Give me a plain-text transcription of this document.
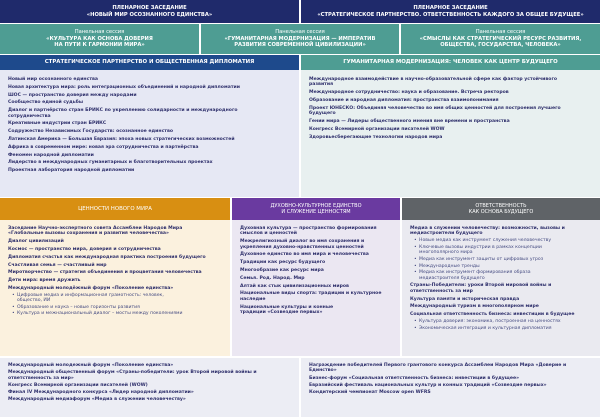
ПЛЕНАРНОЕ ЗАСЕДАНИЕ
«НОВЫЙ МИР ОСОЗНАННОГО ЕДИНСТВА»
ПЛЕНАРНОЕ ЗАСЕДАНИЕ
«СТРАТЕГИЧЕСКОЕ ПАРТНЕРСТВО. ОТВЕТСТВЕННОСТЬ КАЖДОГО ЗА ОБЩЕЕ БУДУЩЕЕ»
Панельная сессия
«КУЛЬТУРА КАК ОСНОВА ДОВЕРИЯ
НА ПУТИ К ГАРМОНИИ МИРА»
Панельная сессия
«ГУМАНИТАРНАЯ МОДЕРНИЗАЦИЯ — ИМПЕРАТИВ
РАЗВИТИЯ СОВРЕМЕННОЙ ЦИВИЛИЗАЦИИ»
Панельная сессия
«СМЫСЛЫ КАК СТРАТЕГИЧЕСКИЙ РЕСУРС РАЗВИТИЯ,
ОБЩЕСТВА, ГОСУДАРСТВА, ЧЕЛОВЕКА»
СТРАТЕГИЧЕСКОЕ ПАРТНЕРСТВО И ОБЩЕСТВЕННАЯ ДИПЛОМАТИЯ	ГУМАНИТАРНАЯ МОДЕРНИЗАЦИЯ: ЧЕЛОВЕК КАК ЦЕНТР БУДУЩЕГО
Новый мир осознанного единства
Новая архитектура мира: роль интеграционных объединений и народной дипломатии
ШОС — пространство доверия между народами
Сообщество единой судьбы
Диалог и партнёрство стран БРИКС по укреплению солидарности и международного сотрудничества
Креативные индустрии стран БРИКС
Содружество Независимых Государств: осознанное единство
Латинская Америка — Большая Евразия: эпоха новых стратегических возможностей
Африка в современном мире: новая эра сотрудничества и партнёрства
Феномен народной дипломатии
Лидерство в международных гуманитарных и благотворительных проектах
Проектная лаборатория народной дипломатии
Международное взаимодействие в научно-образовательной сфере как фактор устойчивого развития
Международное сотрудничество: наука и образование. Встреча ректоров
Образование и народная дипломатия: пространства взаимопонимания
Проект ЮНЕСКО: Объединяя человечество во имя общих ценностей для построения лучшего будущего
Гении мира — Лидеры общественного мнения вне времени и пространства
Конгресс Всемирной организации писателей WOW
Здоровьесберегающие технологии народов мира
ЦЕННОСТИ НОВОГО МИРА	ДУХОВНО-КУЛЬТУРНОЕ ЕДИНСТВО
И СЛУЖЕНИЕ ЦЕННОСТЯМ
ОТВЕТСТВЕННОСТЬ
КАК ОСНОВА БУДУЩЕГО
Заседание Научно-экспертного совета Ассамблеи Народов Мира «Глобальные вызовы сохранения и развития человечества»
Диалог цивилизаций
Космос — пространство мира, доверия и сотрудничества
Дипломатия счастья как международная практика построения будущего
Счастливая семья — счастливый мир
Миротворчество — стратегия объединения и процветания человечества
Дети мира: время дружить
Международный молодёжный форум «Поколение единства»
• Цифровые медиа и информационная грамотность: человек, общество, ИИ
• Образование и наука – новые горизонты развития
• Культура и межнациональный диалог – мосты между поколениями
Духовная культура — пространство формирования смыслов и ценностей
Межрелигиозный диалог во имя сохранения и укрепления духовно-нравственных ценностей
Духовное единство во имя мира и человечества
Традиции как ресурс будущего
Многообразие как ресурс мира
Семья. Род. Народ. Мир
Алтай как стык цивилизационных миров
Национальные виды спорта: традиции и культурное наследие
Национальные культуры и конные традиции «Созвездие первых»
Медиа в служении человечеству: возможности, вызовы и медиастроители будущего
• Новые медиа как инструмент служения человечеству
• Ключевые вызовы индустрии в рамках концепции многополярного мира
• Медиа как инструмент защиты от цифровых угроз
• Международные тренды
• Медиа как инструмент формирования образа медиастроителя будущего
Страны-Победители: уроки Второй мировой войны и ответственность за мир
Культура памяти и историческая правда
Международный туризм в многополярном мире
Социальная ответственность бизнеса: инвестиции в будущее
• Культура доверия: экономика, построенная на ценностях
• Экономическая интеграция и культурная дипломатия
Международный молодежный форум «Поколение единства»
Международный общественный форум «Страны-победители: урок Второй мировой войны и ответственность за мир»
Конгресс Всемирной организации писателей (WOW)
Финал IV Международного конкурса «Лидер народной дипломатии»
Международный медиафорум «Медиа в служении человечеству»
Награждение победителей Первого грантового конкурса Ассамблеи Народов Мира «Доверие и Единство»
Бизнес-форум «Социальная ответственность бизнеса: инвестиции в будущее»
Евразийский фестиваль национальных культур и конных традиций «Созвездие первых»
Кондитерский чемпионат Moscow open WFRS
